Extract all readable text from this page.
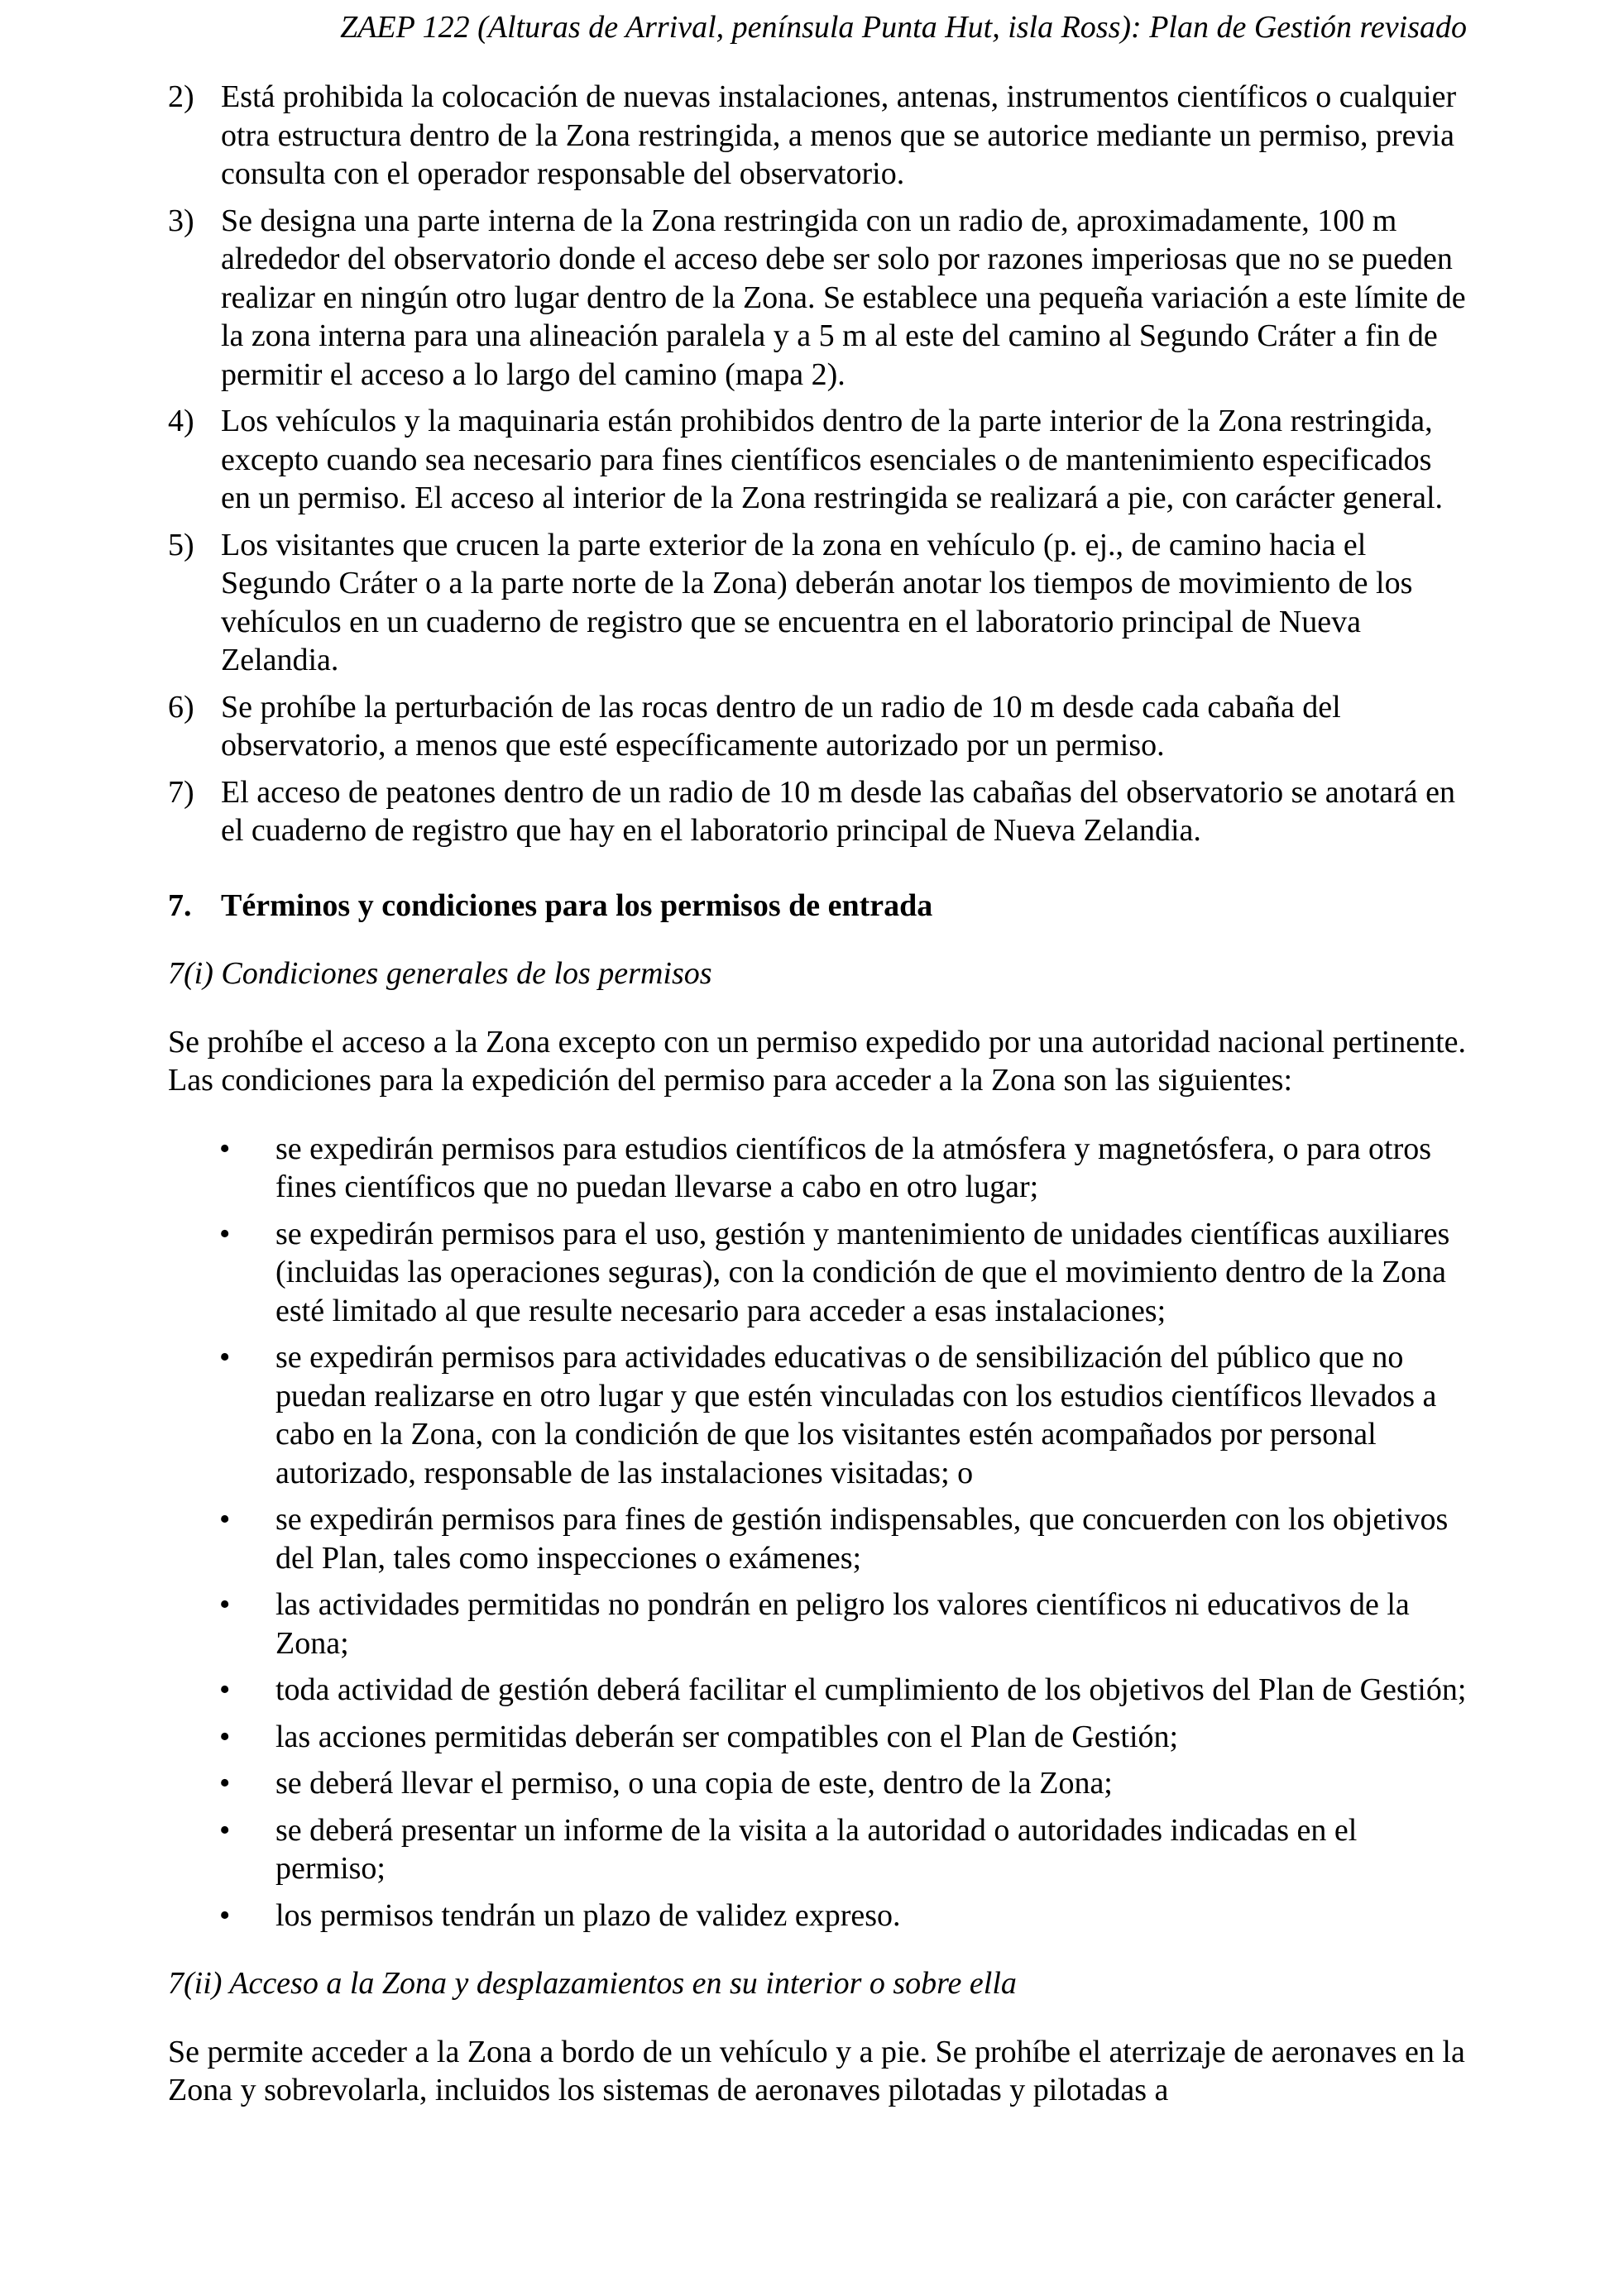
ZAEP 122 (Alturas de Arrival, península Punta Hut, isla Ross): Plan de Gestión revisado
2) Está prohibida la colocación de nuevas instalaciones, antenas, instrumentos científicos o cualquier otra estructura dentro de la Zona restringida, a menos que se autorice mediante un permiso, previa consulta con el operador responsable del observatorio.
3) Se designa una parte interna de la Zona restringida con un radio de, aproximadamente, 100 m alrededor del observatorio donde el acceso debe ser solo por razones imperiosas que no se pueden realizar en ningún otro lugar dentro de la Zona. Se establece una pequeña variación a este límite de la zona interna para una alineación paralela y a 5 m al este del camino al Segundo Cráter a fin de permitir el acceso a lo largo del camino (mapa 2).
4) Los vehículos y la maquinaria están prohibidos dentro de la parte interior de la Zona restringida, excepto cuando sea necesario para fines científicos esenciales o de mantenimiento especificados en un permiso. El acceso al interior de la Zona restringida se realizará a pie, con carácter general.
5) Los visitantes que crucen la parte exterior de la zona en vehículo (p. ej., de camino hacia el Segundo Cráter o a la parte norte de la Zona) deberán anotar los tiempos de movimiento de los vehículos en un cuaderno de registro que se encuentra en el laboratorio principal de Nueva Zelandia.
6) Se prohíbe la perturbación de las rocas dentro de un radio de 10 m desde cada cabaña del observatorio, a menos que esté específicamente autorizado por un permiso.
7) El acceso de peatones dentro de un radio de 10 m desde las cabañas del observatorio se anotará en el cuaderno de registro que hay en el laboratorio principal de Nueva Zelandia.
7. Términos y condiciones para los permisos de entrada
7(i) Condiciones generales de los permisos
Se prohíbe el acceso a la Zona excepto con un permiso expedido por una autoridad nacional pertinente. Las condiciones para la expedición del permiso para acceder a la Zona son las siguientes:
•	se expedirán permisos para estudios científicos de la atmósfera y magnetósfera, o para otros fines científicos que no puedan llevarse a cabo en otro lugar;
•	se expedirán permisos para el uso, gestión y mantenimiento de unidades científicas auxiliares (incluidas las operaciones seguras), con la condición de que el movimiento dentro de la Zona esté limitado al que resulte necesario para acceder a esas instalaciones;
•	se expedirán permisos para actividades educativas o de sensibilización del público que no puedan realizarse en otro lugar y que estén vinculadas con los estudios científicos llevados a cabo en la Zona, con la condición de que los visitantes estén acompañados por personal autorizado, responsable de las instalaciones visitadas; o
•	se expedirán permisos para fines de gestión indispensables, que concuerden con los objetivos del Plan, tales como inspecciones o exámenes;
•	las actividades permitidas no pondrán en peligro los valores científicos ni educativos de la Zona;
•	toda actividad de gestión deberá facilitar el cumplimiento de los objetivos del Plan de Gestión;
•	las acciones permitidas deberán ser compatibles con el Plan de Gestión;
•	se deberá llevar el permiso, o una copia de este, dentro de la Zona;
•	se deberá presentar un informe de la visita a la autoridad o autoridades indicadas en el permiso;
•	los permisos tendrán un plazo de validez expreso.
7(ii) Acceso a la Zona y desplazamientos en su interior o sobre ella
Se permite acceder a la Zona a bordo de un vehículo y a pie. Se prohíbe el aterrizaje de aeronaves en la Zona y sobrevolarla, incluidos los sistemas de aeronaves pilotadas y pilotadas a
